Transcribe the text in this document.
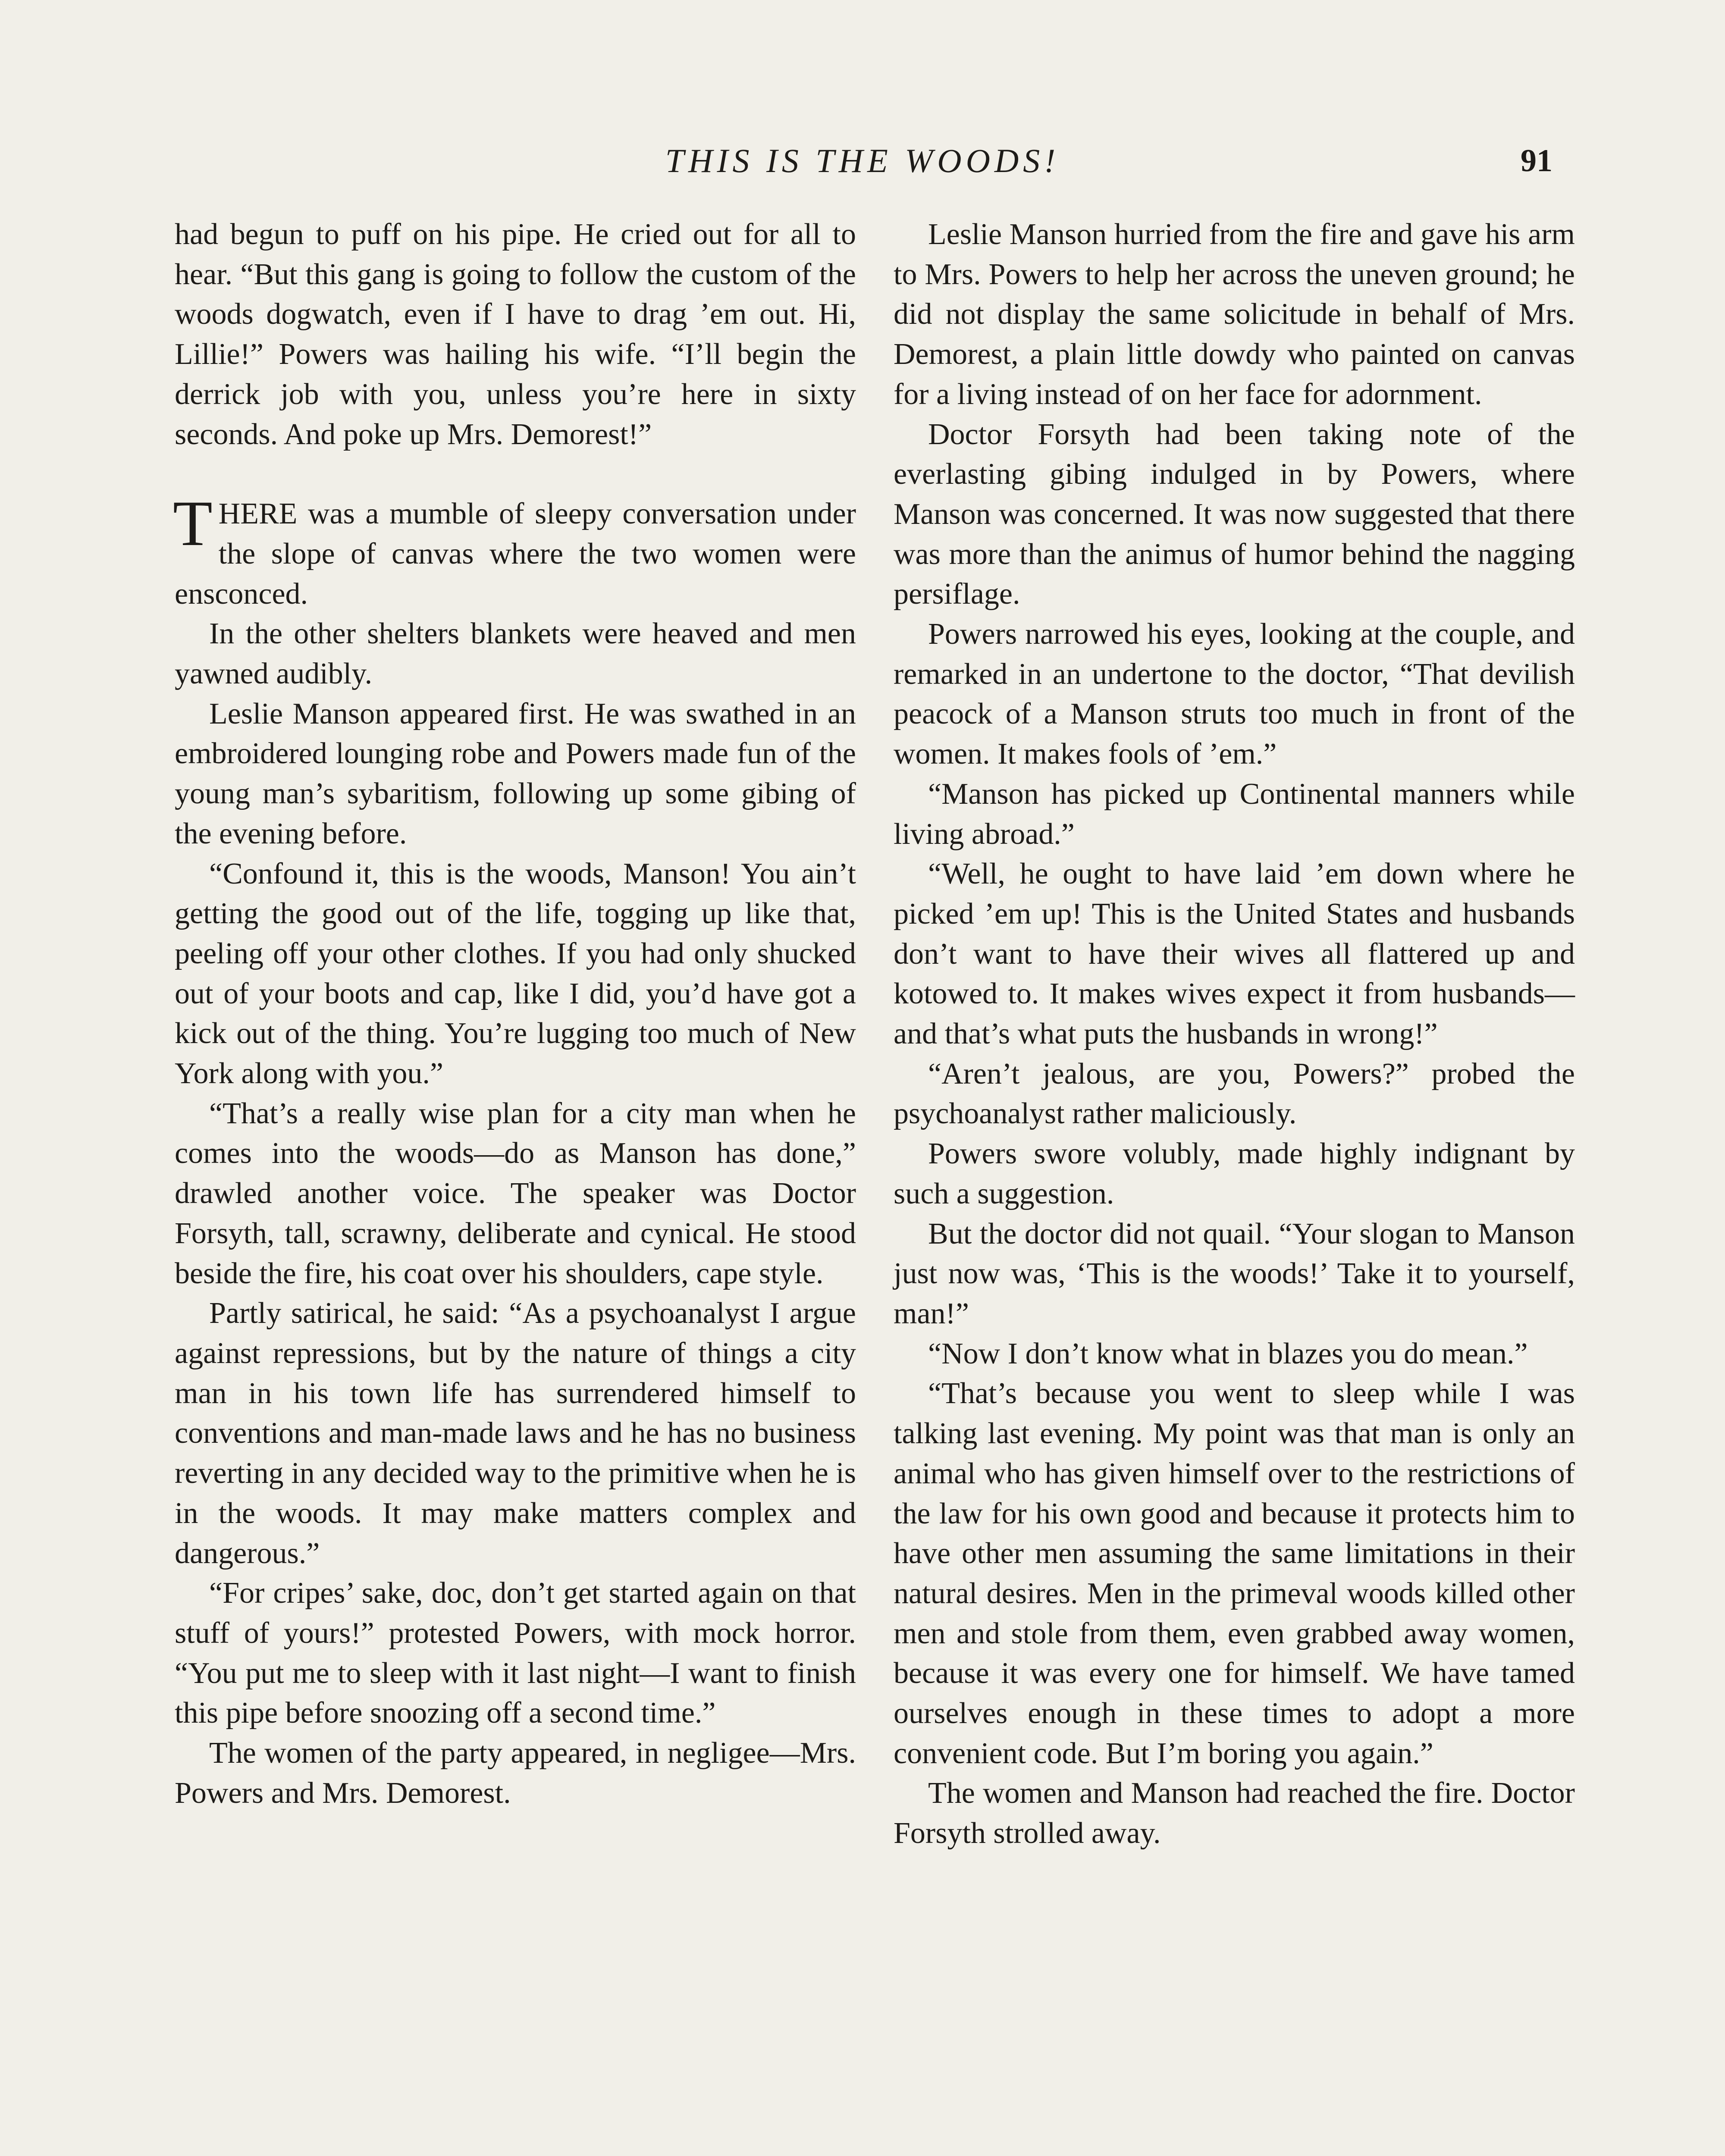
THIS IS THE WOODS!	91

had begun to puff on his pipe. He cried out for all to hear. “But this gang is going to follow the custom of the woods dogwatch, even if I have to drag ’em out. Hi, Lillie!” Powers was hailing his wife. “I’ll begin the derrick job with you, unless you’re here in sixty seconds. And poke up Mrs. Demorest!”

THERE was a mumble of sleepy conversation under the slope of canvas where the two women were ensconced.

In the other shelters blankets were heaved and men yawned audibly.

Leslie Manson appeared first. He was swathed in an embroidered lounging robe and Powers made fun of the young man’s sybaritism, following up some gibing of the evening before.

“Confound it, this is the woods, Manson! You ain’t getting the good out of the life, togging up like that, peeling off your other clothes. If you had only shucked out of your boots and cap, like I did, you’d have got a kick out of the thing. You’re lugging too much of New York along with you.”

“That’s a really wise plan for a city man when he comes into the woods—do as Manson has done,” drawled another voice. The speaker was Doctor Forsyth, tall, scrawny, deliberate and cynical. He stood beside the fire, his coat over his shoulders, cape style.

Partly satirical, he said: “As a psychoanalyst I argue against repressions, but by the nature of things a city man in his town life has surrendered himself to conventions and man-made laws and he has no business reverting in any decided way to the primitive when he is in the woods. It may make matters complex and dangerous.”

“For cripes’ sake, doc, don’t get started again on that stuff of yours!” protested Powers, with mock horror. “You put me to sleep with it last night—I want to finish this pipe before snoozing off a second time.”

The women of the party appeared, in negligee—Mrs. Powers and Mrs. Demorest.

Leslie Manson hurried from the fire and gave his arm to Mrs. Powers to help her across the uneven ground; he did not display the same solicitude in behalf of Mrs. Demorest, a plain little dowdy who painted on canvas for a living instead of on her face for adornment.

Doctor Forsyth had been taking note of the everlasting gibing indulged in by Powers, where Manson was concerned. It was now suggested that there was more than the animus of humor behind the nagging persiflage.

Powers narrowed his eyes, looking at the couple, and remarked in an undertone to the doctor, “That devilish peacock of a Manson struts too much in front of the women. It makes fools of ’em.”

“Manson has picked up Continental manners while living abroad.”

“Well, he ought to have laid ’em down where he picked ’em up! This is the United States and husbands don’t want to have their wives all flattered up and kotowed to. It makes wives expect it from husbands—and that’s what puts the husbands in wrong!”

“Aren’t jealous, are you, Powers?” probed the psychoanalyst rather maliciously.

Powers swore volubly, made highly indignant by such a suggestion.

But the doctor did not quail. “Your slogan to Manson just now was, ‘This is the woods!’ Take it to yourself, man!”

“Now I don’t know what in blazes you do mean.”

“That’s because you went to sleep while I was talking last evening. My point was that man is only an animal who has given himself over to the restrictions of the law for his own good and because it protects him to have other men assuming the same limitations in their natural desires. Men in the primeval woods killed other men and stole from them, even grabbed away women, because it was every one for himself. We have tamed ourselves enough in these times to adopt a more convenient code. But I’m boring you again.”

The women and Manson had reached the fire. Doctor Forsyth strolled away.
